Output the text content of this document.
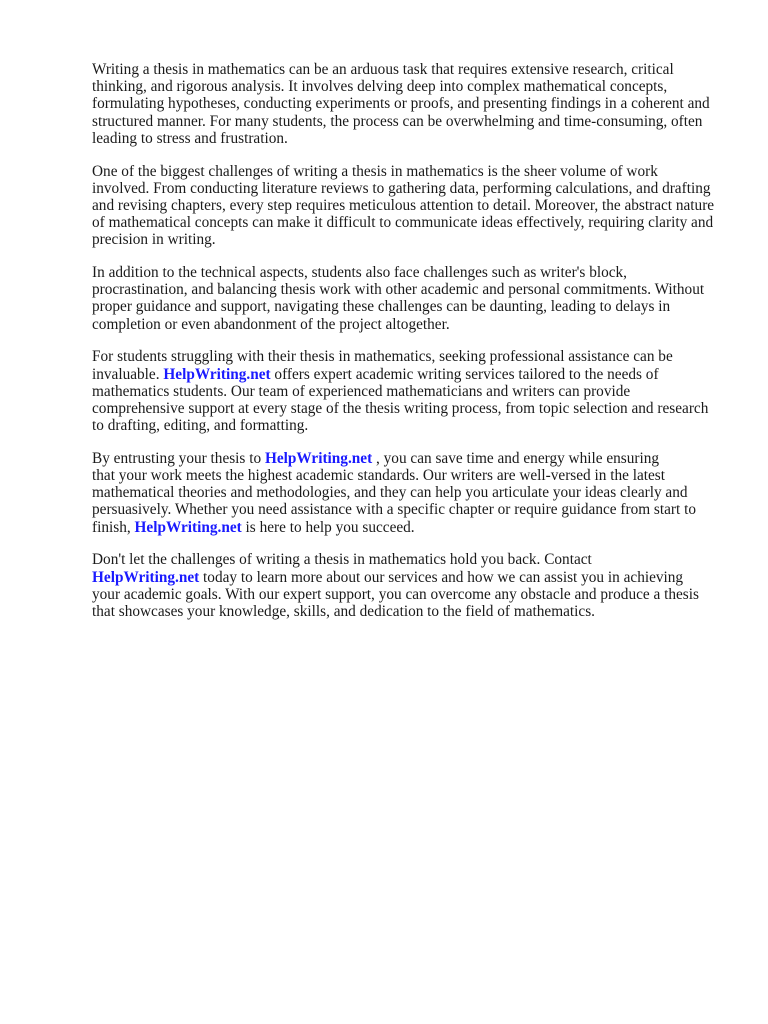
Writing a thesis in mathematics can be an arduous task that requires extensive research, critical
thinking, and rigorous analysis. It involves delving deep into complex mathematical concepts,
formulating hypotheses, conducting experiments or proofs, and presenting findings in a coherent and
structured manner. For many students, the process can be overwhelming and time-consuming, often
leading to stress and frustration.

One of the biggest challenges of writing a thesis in mathematics is the sheer volume of work
involved. From conducting literature reviews to gathering data, performing calculations, and drafting
and revising chapters, every step requires meticulous attention to detail. Moreover, the abstract nature
of mathematical concepts can make it difficult to communicate ideas effectively, requiring clarity and
precision in writing.

In addition to the technical aspects, students also face challenges such as writer's block,
procrastination, and balancing thesis work with other academic and personal commitments. Without
proper guidance and support, navigating these challenges can be daunting, leading to delays in
completion or even abandonment of the project altogether.

For students struggling with their thesis in mathematics, seeking professional assistance can be
invaluable. HelpWriting.net offers expert academic writing services tailored to the needs of
mathematics students. Our team of experienced mathematicians and writers can provide
comprehensive support at every stage of the thesis writing process, from topic selection and research
to drafting, editing, and formatting.

By entrusting your thesis to HelpWriting.net , you can save time and energy while ensuring
that your work meets the highest academic standards. Our writers are well-versed in the latest
mathematical theories and methodologies, and they can help you articulate your ideas clearly and
persuasively. Whether you need assistance with a specific chapter or require guidance from start to
finish, HelpWriting.net is here to help you succeed.

Don't let the challenges of writing a thesis in mathematics hold you back. Contact
HelpWriting.net today to learn more about our services and how we can assist you in achieving
your academic goals. With our expert support, you can overcome any obstacle and produce a thesis
that showcases your knowledge, skills, and dedication to the field of mathematics.
